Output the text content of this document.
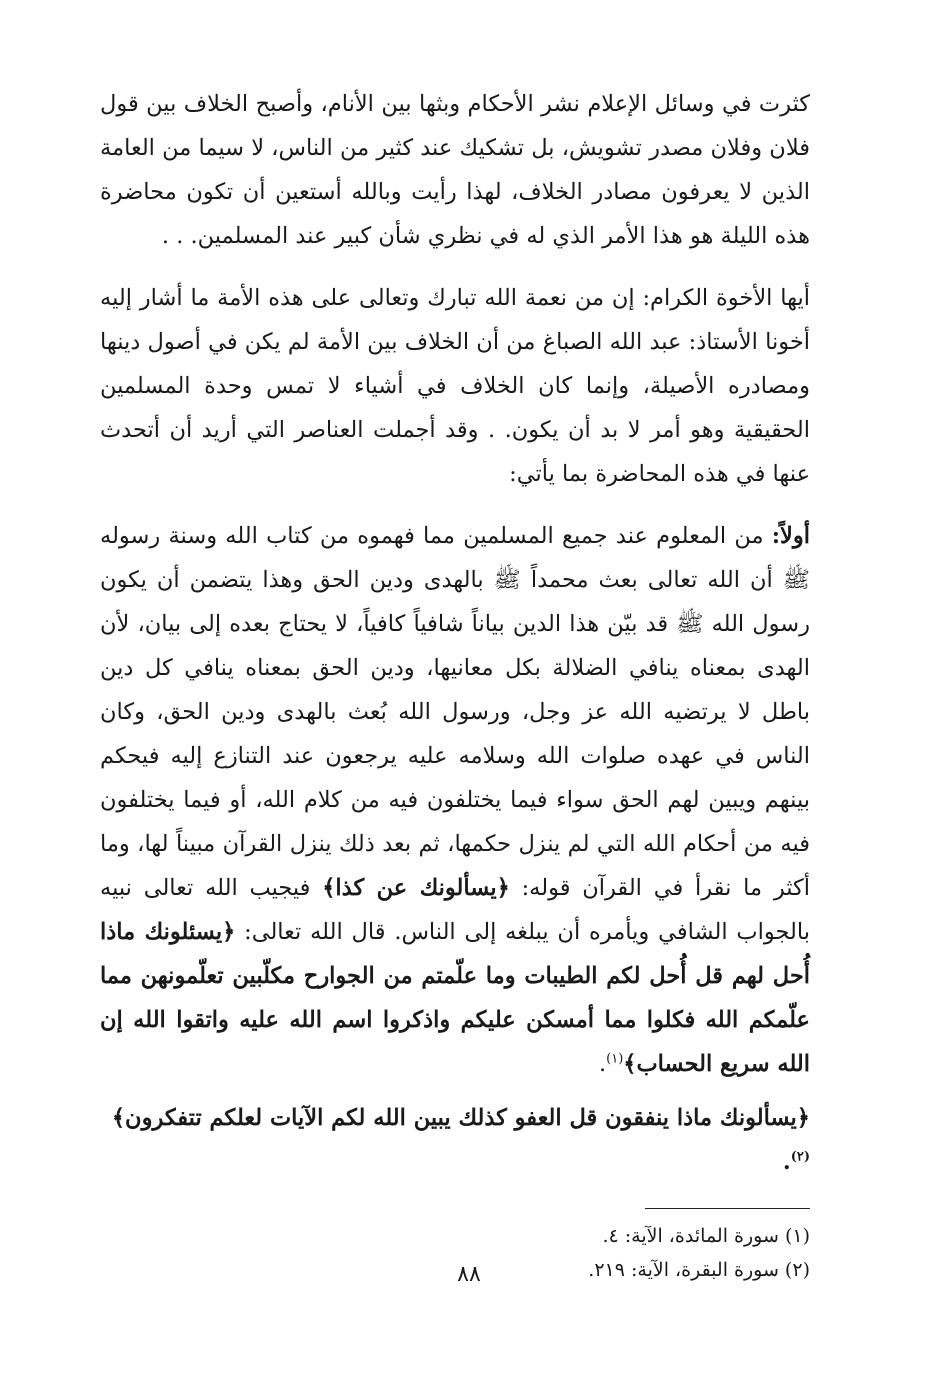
كثرت في وسائل الإعلام نشر الأحكام وبثها بين الأنام، وأصبح الخلاف بين قول فلان وفلان مصدر تشويش، بل تشكيك عند كثير من الناس، لا سيما من العامة الذين لا يعرفون مصادر الخلاف، لهذا رأيت وبالله أستعين أن تكون محاضرة هذه الليلة هو هذا الأمر الذي له في نظري شأن كبير عند المسلمين. . .

أيها الأخوة الكرام: إن من نعمة الله تبارك وتعالى على هذه الأمة ما أشار إليه أخونا الأستاذ: عبد الله الصباغ من أن الخلاف بين الأمة لم يكن في أصول دينها ومصادره الأصيلة، وإنما كان الخلاف في أشياء لا تمس وحدة المسلمين الحقيقية وهو أمر لا بد أن يكون. . وقد أجملت العناصر التي أريد أن أتحدث عنها في هذه المحاضرة بما يأتي:

أولاً: من المعلوم عند جميع المسلمين مما فهموه من كتاب الله وسنة رسوله ﷺ أن الله تعالى بعث محمداً ﷺ بالهدى ودين الحق وهذا يتضمن أن يكون رسول الله ﷺ قد بيّن هذا الدين بياناً شافياً كافياً، لا يحتاج بعده إلى بيان، لأن الهدى بمعناه ينافي الضلالة بكل معانيها، ودين الحق بمعناه ينافي كل دين باطل لا يرتضيه الله عز وجل، ورسول الله بُعث بالهدى ودين الحق، وكان الناس في عهده صلوات الله وسلامه عليه يرجعون عند التنازع إليه فيحكم بينهم ويبين لهم الحق سواء فيما يختلفون فيه من كلام الله، أو فيما يختلفون فيه من أحكام الله التي لم ينزل حكمها، ثم بعد ذلك ينزل القرآن مبيناً لها، وما أكثر ما نقرأ في القرآن قوله: ﴿يسألونك عن كذا﴾ فيجيب الله تعالى نبيه بالجواب الشافي ويأمره أن يبلغه إلى الناس. قال الله تعالى: ﴿يسئلونك ماذا أُحل لهم قل أُحل لكم الطيبات وما علّمتم من الجوارح مكلّبين تعلّمونهن مما علّمكم الله فكلوا مما أمسكن عليكم واذكروا اسم الله عليه واتقوا الله إن الله سريع الحساب﴾$^{(١)}$.

﴿يسألونك ماذا ينفقون قل العفو كذلك يبين الله لكم الآيات لعلكم تتفكرون﴾$^{(٢)}$.

(١) سورة المائدة، الآية: ٤.

(٢) سورة البقرة، الآية: ٢١٩.

٨٨
